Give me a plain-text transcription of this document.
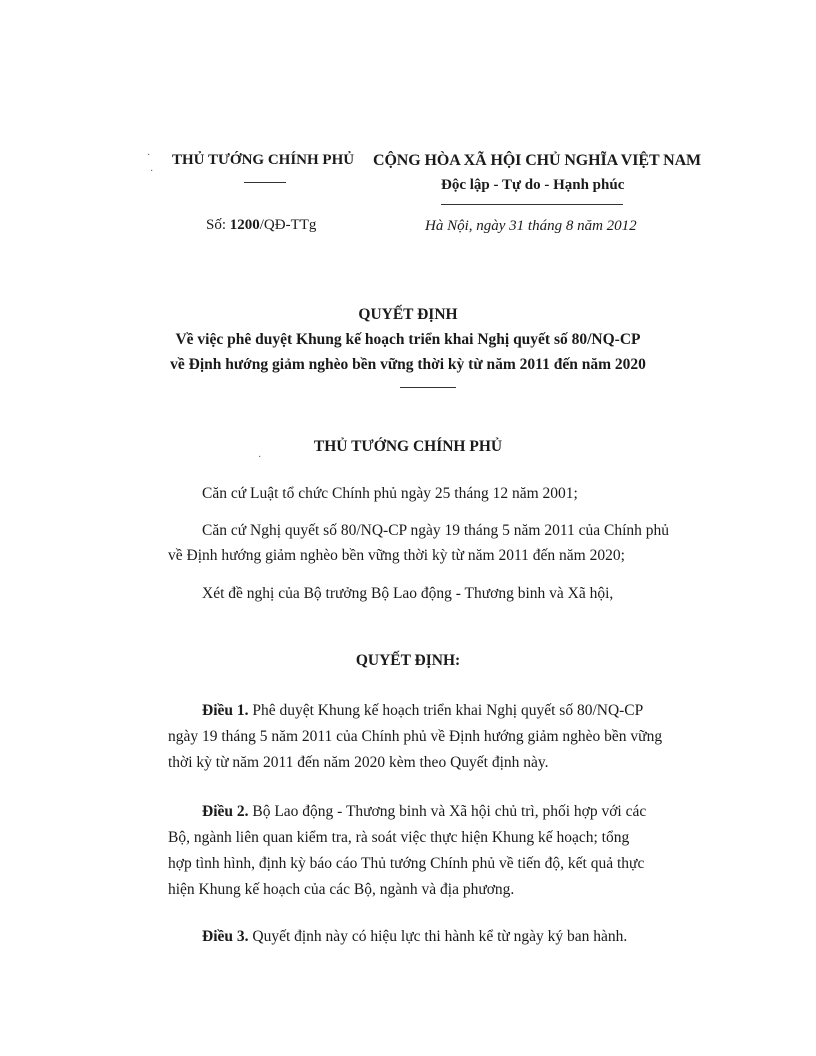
·
·
·
THỦ TƯỚNG CHÍNH PHỦ CỘNG HÒA XÃ HỘI CHỦ NGHĨA VIỆT NAM
Độc lập - Tự do - Hạnh phúc
Số: 1200/QĐ-TTg	Hà Nội, ngày 31 tháng 8 năm 2012
QUYẾT ĐỊNH
Về việc phê duyệt Khung kế hoạch triển khai Nghị quyết số 80/NQ-CP
về Định hướng giảm nghèo bền vững thời kỳ từ năm 2011 đến năm 2020
THỦ TƯỚNG CHÍNH PHỦ
Căn cứ Luật tổ chức Chính phủ ngày 25 tháng 12 năm 2001;
Căn cứ Nghị quyết số 80/NQ-CP ngày 19 tháng 5 năm 2011 của Chính phủ
về Định hướng giảm nghèo bền vững thời kỳ từ năm 2011 đến năm 2020;
Xét đề nghị của Bộ trưởng Bộ Lao động - Thương binh và Xã hội,
QUYẾT ĐỊNH:

Điều 1. Phê duyệt Khung kế hoạch triển khai Nghị quyết số 80/NQ-CP

ngày 19 tháng 5 năm 2011 của Chính phủ về Định hướng giảm nghèo bền vững

thời kỳ từ năm 2011 đến năm 2020 kèm theo Quyết định này.

Điều 2. Bộ Lao động - Thương binh và Xã hội chủ trì, phối hợp với các

Bộ, ngành liên quan kiểm tra, rà soát việc thực hiện Khung kế hoạch; tổng

hợp tình hình, định kỳ báo cáo Thủ tướng Chính phủ về tiến độ, kết quả thực

hiện Khung kế hoạch của các Bộ, ngành và địa phương.

Điều 3. Quyết định này có hiệu lực thi hành kể từ ngày ký ban hành.
